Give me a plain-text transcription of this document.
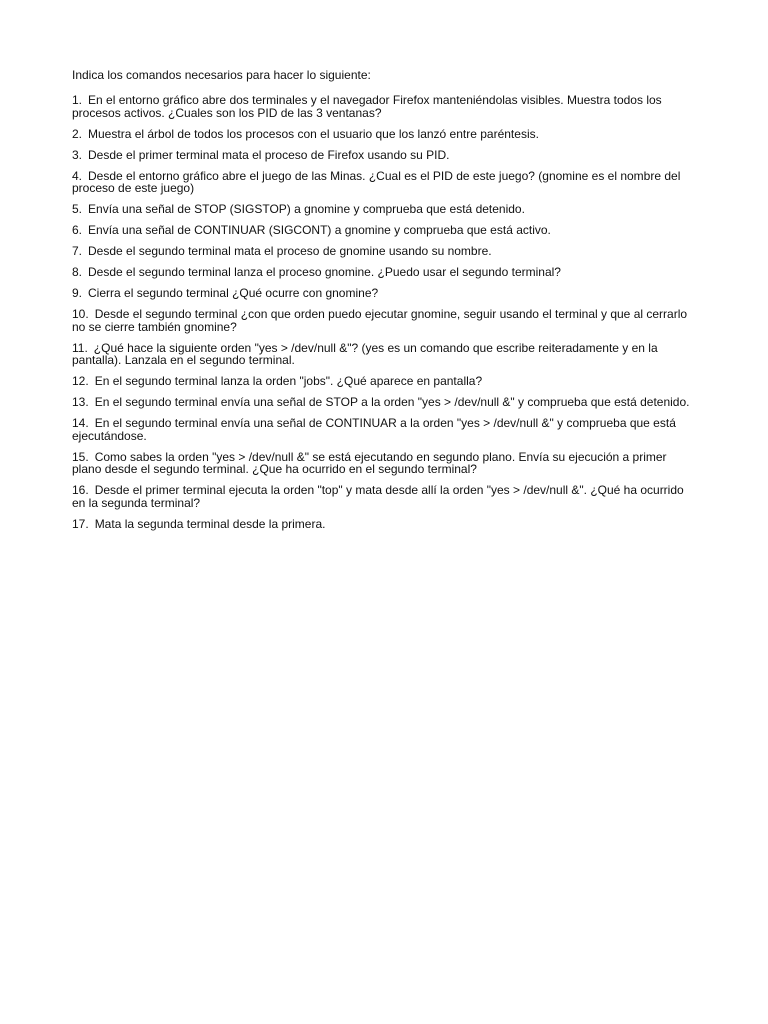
Indica los comandos necesarios para hacer lo siguiente:

1. En el entorno gráfico abre dos terminales y el navegador Firefox manteniéndolas visibles. Muestra todos los procesos activos. ¿Cuales son los PID de las 3 ventanas?
2. Muestra el árbol de todos los procesos con el usuario que los lanzó entre paréntesis.
3. Desde el primer terminal mata el proceso de Firefox usando su PID.
4. Desde el entorno gráfico abre el juego de las Minas. ¿Cual es el PID de este juego? (gnomine es el nombre del proceso de este juego)
5. Envía una señal de STOP (SIGSTOP) a gnomine y comprueba que está detenido.
6. Envía una señal de CONTINUAR (SIGCONT) a gnomine y comprueba que está activo.
7. Desde el segundo terminal mata el proceso de gnomine usando su nombre.
8. Desde el segundo terminal lanza el proceso gnomine. ¿Puedo usar el segundo terminal?
9. Cierra el segundo terminal ¿Qué ocurre con gnomine?
10. Desde el segundo terminal ¿con que orden puedo ejecutar gnomine, seguir usando el terminal y que al cerrarlo no se cierre también gnomine?
11. ¿Qué hace la siguiente orden "yes > /dev/null &"? (yes es un comando que escribe reiteradamente y en la pantalla). Lanzala en el segundo terminal.
12. En el segundo terminal lanza la orden "jobs". ¿Qué aparece en pantalla?
13. En el segundo terminal envía una señal de STOP a la orden "yes > /dev/null &" y comprueba que está detenido.
14. En el segundo terminal envía una señal de CONTINUAR a la orden "yes > /dev/null &" y comprueba que está ejecutándose.
15. Como sabes la orden "yes > /dev/null &" se está ejecutando en segundo plano. Envía su ejecución a primer plano desde el segundo terminal. ¿Que ha ocurrido en el segundo terminal?
16. Desde el primer terminal ejecuta la orden "top" y mata desde allí la orden "yes > /dev/null &". ¿Qué ha ocurrido en la segunda terminal?
17. Mata la segunda terminal desde la primera.
